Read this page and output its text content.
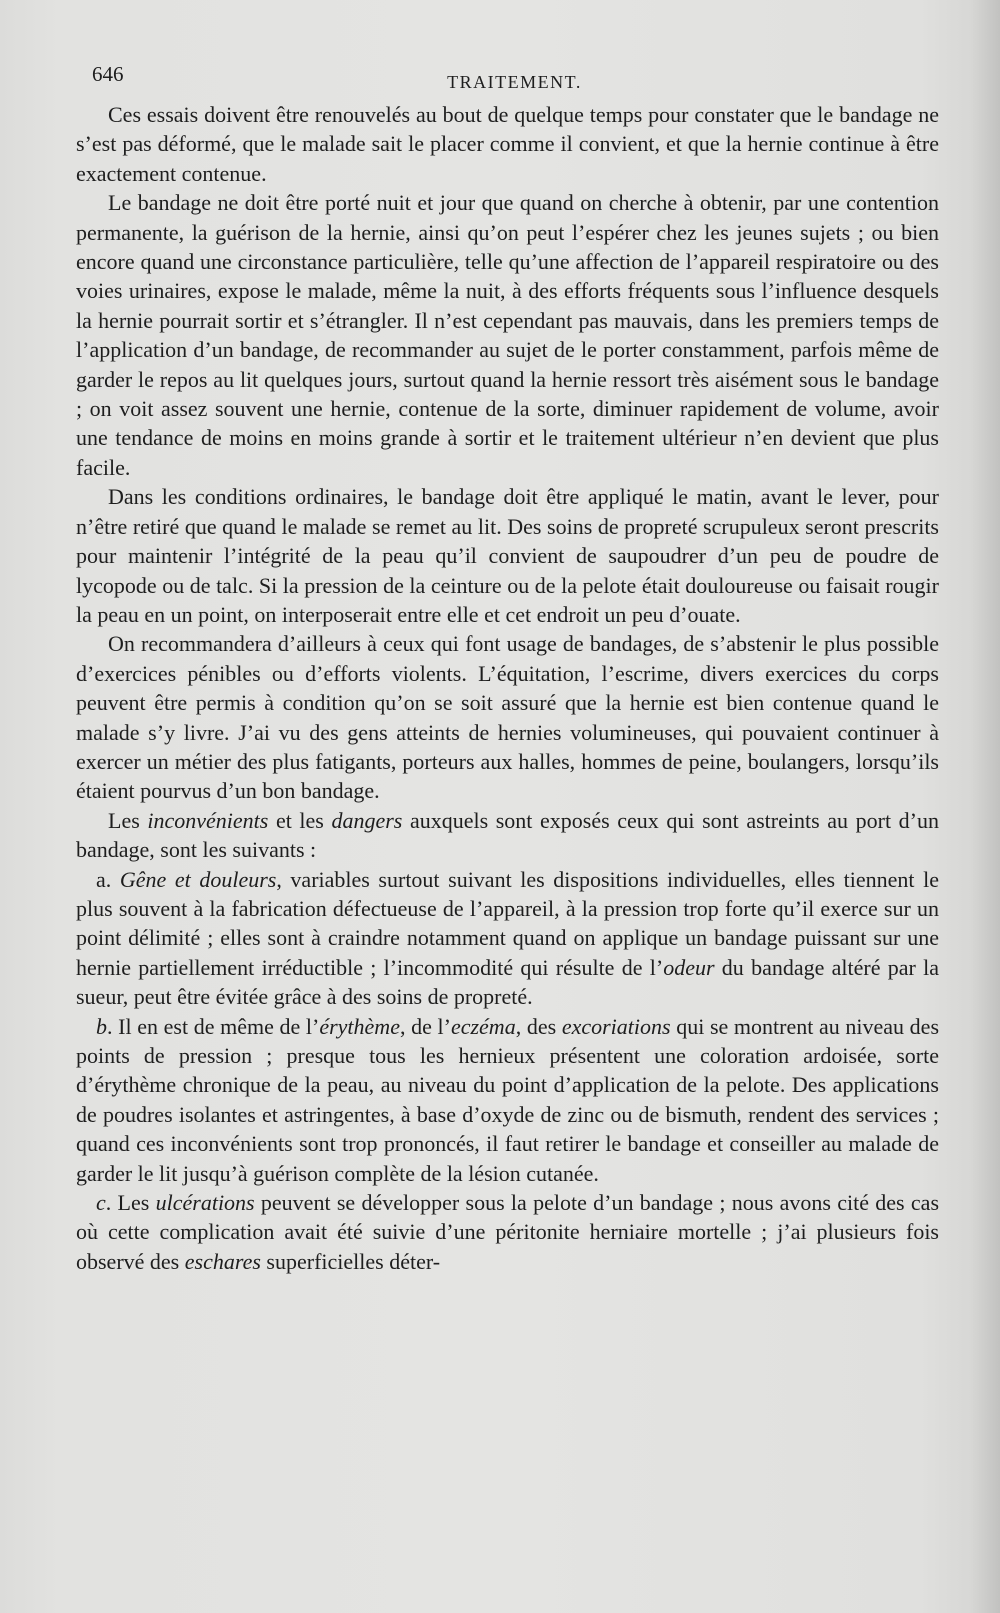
646	TRAITEMENT.

Ces essais doivent être renouvelés au bout de quelque temps pour constater que le bandage ne s’est pas déformé, que le malade sait le placer comme il convient, et que la hernie continue à être exactement contenue.

Le bandage ne doit être porté nuit et jour que quand on cherche à obtenir, par une contention permanente, la guérison de la hernie, ainsi qu’on peut l’espérer chez les jeunes sujets ; ou bien encore quand une circonstance particulière, telle qu’une affection de l’appareil respiratoire ou des voies urinaires, expose le malade, même la nuit, à des efforts fréquents sous l’influence desquels la hernie pourrait sortir et s’étrangler. Il n’est cependant pas mauvais, dans les premiers temps de l’application d’un bandage, de recommander au sujet de le porter constamment, parfois même de garder le repos au lit quelques jours, surtout quand la hernie ressort très aisément sous le bandage ; on voit assez souvent une hernie, contenue de la sorte, diminuer rapidement de volume, avoir une tendance de moins en moins grande à sortir et le traitement ultérieur n’en devient que plus facile.

Dans les conditions ordinaires, le bandage doit être appliqué le matin, avant le lever, pour n’être retiré que quand le malade se remet au lit. Des soins de propreté scrupuleux seront prescrits pour maintenir l’intégrité de la peau qu’il convient de saupoudrer d’un peu de poudre de lycopode ou de talc. Si la pression de la ceinture ou de la pelote était douloureuse ou faisait rougir la peau en un point, on interposerait entre elle et cet endroit un peu d’ouate.

On recommandera d’ailleurs à ceux qui font usage de bandages, de s’abstenir le plus possible d’exercices pénibles ou d’efforts violents. L’équitation, l’escrime, divers exercices du corps peuvent être permis à condition qu’on se soit assuré que la hernie est bien contenue quand le malade s’y livre. J’ai vu des gens atteints de hernies volumineuses, qui pouvaient continuer à exercer un métier des plus fatigants, porteurs aux halles, hommes de peine, boulangers, lorsqu’ils étaient pourvus d’un bon bandage.

Les inconvénients et les dangers auxquels sont exposés ceux qui sont astreints au port d’un bandage, sont les suivants :

a. Gêne et douleurs, variables surtout suivant les dispositions individuelles, elles tiennent le plus souvent à la fabrication défectueuse de l’appareil, à la pression trop forte qu’il exerce sur un point délimité ; elles sont à craindre notamment quand on applique un bandage puissant sur une hernie partiellement irréductible ; l’incommodité qui résulte de l’odeur du bandage altéré par la sueur, peut être évitée grâce à des soins de propreté.

b. Il en est de même de l’érythème, de l’eczéma, des excoriations qui se montrent au niveau des points de pression ; presque tous les hernieux présentent une coloration ardoisée, sorte d’érythème chronique de la peau, au niveau du point d’application de la pelote. Des applications de poudres isolantes et astringentes, à base d’oxyde de zinc ou de bismuth, rendent des services ; quand ces inconvénients sont trop prononcés, il faut retirer le bandage et conseiller au malade de garder le lit jusqu’à guérison complète de la lésion cutanée.

c. Les ulcérations peuvent se développer sous la pelote d’un bandage ; nous avons cité des cas où cette complication avait été suivie d’une péritonite herniaire mortelle ; j’ai plusieurs fois observé des eschares superficielles déter-
